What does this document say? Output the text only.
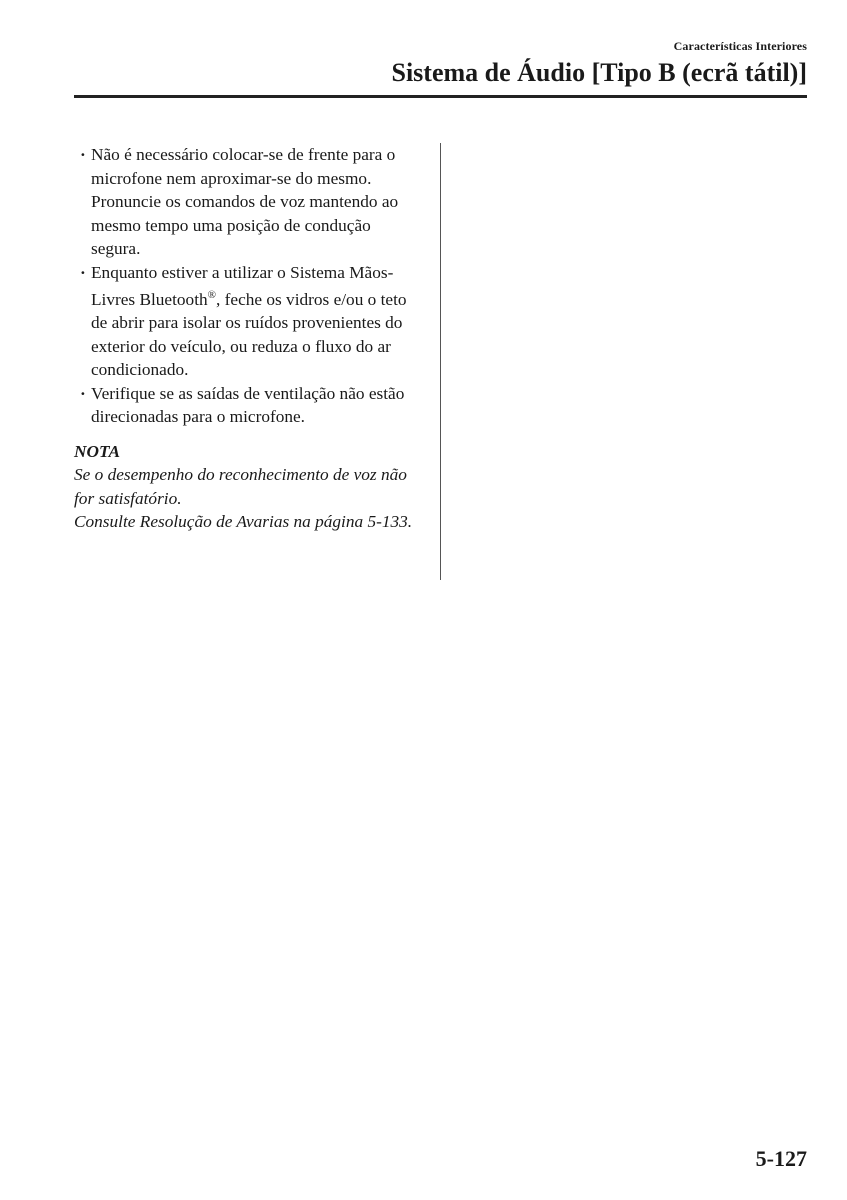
Características Interiores
Sistema de Áudio [Tipo B (ecrã tátil)]
· Não é necessário colocar-se de frente para o microfone nem aproximar-se do mesmo. Pronuncie os comandos de voz mantendo ao mesmo tempo uma posição de condução segura.
· Enquanto estiver a utilizar o Sistema Mãos-Livres Bluetooth®, feche os vidros e/ou o teto de abrir para isolar os ruídos provenientes do exterior do veículo, ou reduza o fluxo do ar condicionado.
· Verifique se as saídas de ventilação não estão direcionadas para o microfone.
NOTA
Se o desempenho do reconhecimento de voz não for satisfatório.
Consulte Resolução de Avarias na página 5-133.
5-127
